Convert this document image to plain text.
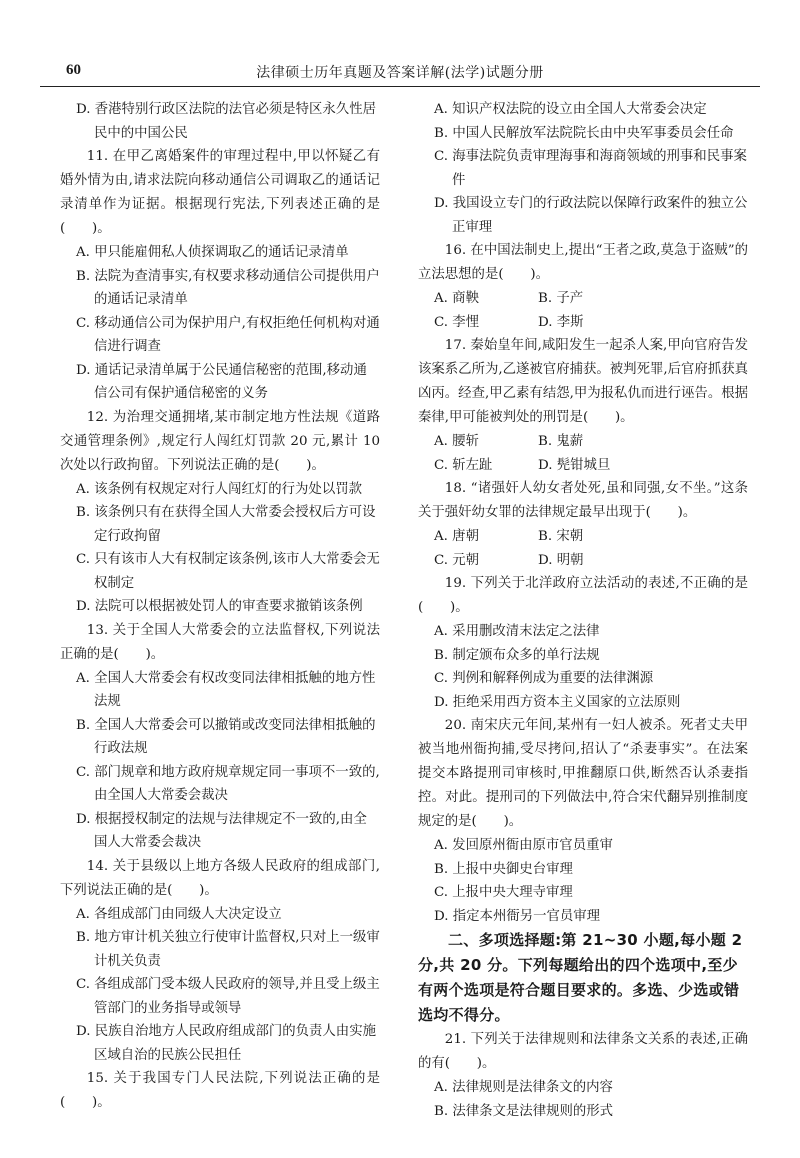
60	法律硕士历年真题及答案详解(法学)试题分册

D. 香港特别行政区法院的法官必须是特区永久性居民中的中国公民

11. 在甲乙离婚案件的审理过程中,甲以怀疑乙有婚外情为由,请求法院向移动通信公司调取乙的通话记录清单作为证据。根据现行宪法,下列表述正确的是(　　)。

A. 甲只能雇佣私人侦探调取乙的通话记录清单

B. 法院为查清事实,有权要求移动通信公司提供用户的通话记录清单

C. 移动通信公司为保护用户,有权拒绝任何机构对通信进行调查

D. 通话记录清单属于公民通信秘密的范围,移动通信公司有保护通信秘密的义务

12. 为治理交通拥堵,某市制定地方性法规《道路交通管理条例》,规定行人闯红灯罚款 20 元,累计 10 次处以行政拘留。下列说法正确的是(　　)。

A. 该条例有权规定对行人闯红灯的行为处以罚款

B. 该条例只有在获得全国人大常委会授权后方可设定行政拘留

C. 只有该市人大有权制定该条例,该市人大常委会无权制定

D. 法院可以根据被处罚人的审查要求撤销该条例

13. 关于全国人大常委会的立法监督权,下列说法正确的是(　　)。

A. 全国人大常委会有权改变同法律相抵触的地方性法规

B. 全国人大常委会可以撤销或改变同法律相抵触的行政法规

C. 部门规章和地方政府规章规定同一事项不一致的,由全国人大常委会裁决

D. 根据授权制定的法规与法律规定不一致的,由全国人大常委会裁决

14. 关于县级以上地方各级人民政府的组成部门,下列说法正确的是(　　)。

A. 各组成部门由同级人大决定设立

B. 地方审计机关独立行使审计监督权,只对上一级审计机关负责

C. 各组成部门受本级人民政府的领导,并且受上级主管部门的业务指导或领导

D. 民族自治地方人民政府组成部门的负责人由实施区域自治的民族公民担任

15. 关于我国专门人民法院,下列说法正确的是(　　)。

A. 知识产权法院的设立由全国人大常委会决定

B. 中国人民解放军法院院长由中央军事委员会任命

C. 海事法院负责审理海事和海商领域的刑事和民事案件

D. 我国设立专门的行政法院以保障行政案件的独立公正审理

16. 在中国法制史上,提出“王者之政,莫急于盗贼”的立法思想的是(　　)。

A. 商鞅	B. 子产
C. 李悝	D. 李斯

17. 秦始皇年间,咸阳发生一起杀人案,甲向官府告发该案系乙所为,乙遂被官府捕获。被判死罪,后官府抓获真凶丙。经查,甲乙素有结怨,甲为报私仇而进行诬告。根据秦律,甲可能被判处的刑罚是(　　)。

A. 腰斩	B. 鬼薪
C. 斩左趾	D. 髡钳城旦

18. “诸强奸人幼女者处死,虽和同强,女不坐。”这条关于强奸幼女罪的法律规定最早出现于(　　)。

A. 唐朝	B. 宋朝
C. 元朝	D. 明朝

19. 下列关于北洋政府立法活动的表述,不正确的是(　　)。

A. 采用删改清末法定之法律

B. 制定颁布众多的单行法规

C. 判例和解释例成为重要的法律渊源

D. 拒绝采用西方资本主义国家的立法原则

20. 南宋庆元年间,某州有一妇人被杀。死者丈夫甲被当地州衙拘捕,受尽拷问,招认了“杀妻事实”。在法案提交本路提刑司审核时,甲推翻原口供,断然否认杀妻指控。对此。提刑司的下列做法中,符合宋代翻异别推制度规定的是(　　)。

A. 发回原州衙由原市官员重审

B. 上报中央御史台审理

C. 上报中央大理寺审理

D. 指定本州衙另一官员审理

二、多项选择题:第 21~30 小题,每小题 2 分,共 20 分。下列每题给出的四个选项中,至少有两个选项是符合题目要求的。多选、少选或错选均不得分。

21. 下列关于法律规则和法律条文关系的表述,正确的有(　　)。

A. 法律规则是法律条文的内容

B. 法律条文是法律规则的形式
